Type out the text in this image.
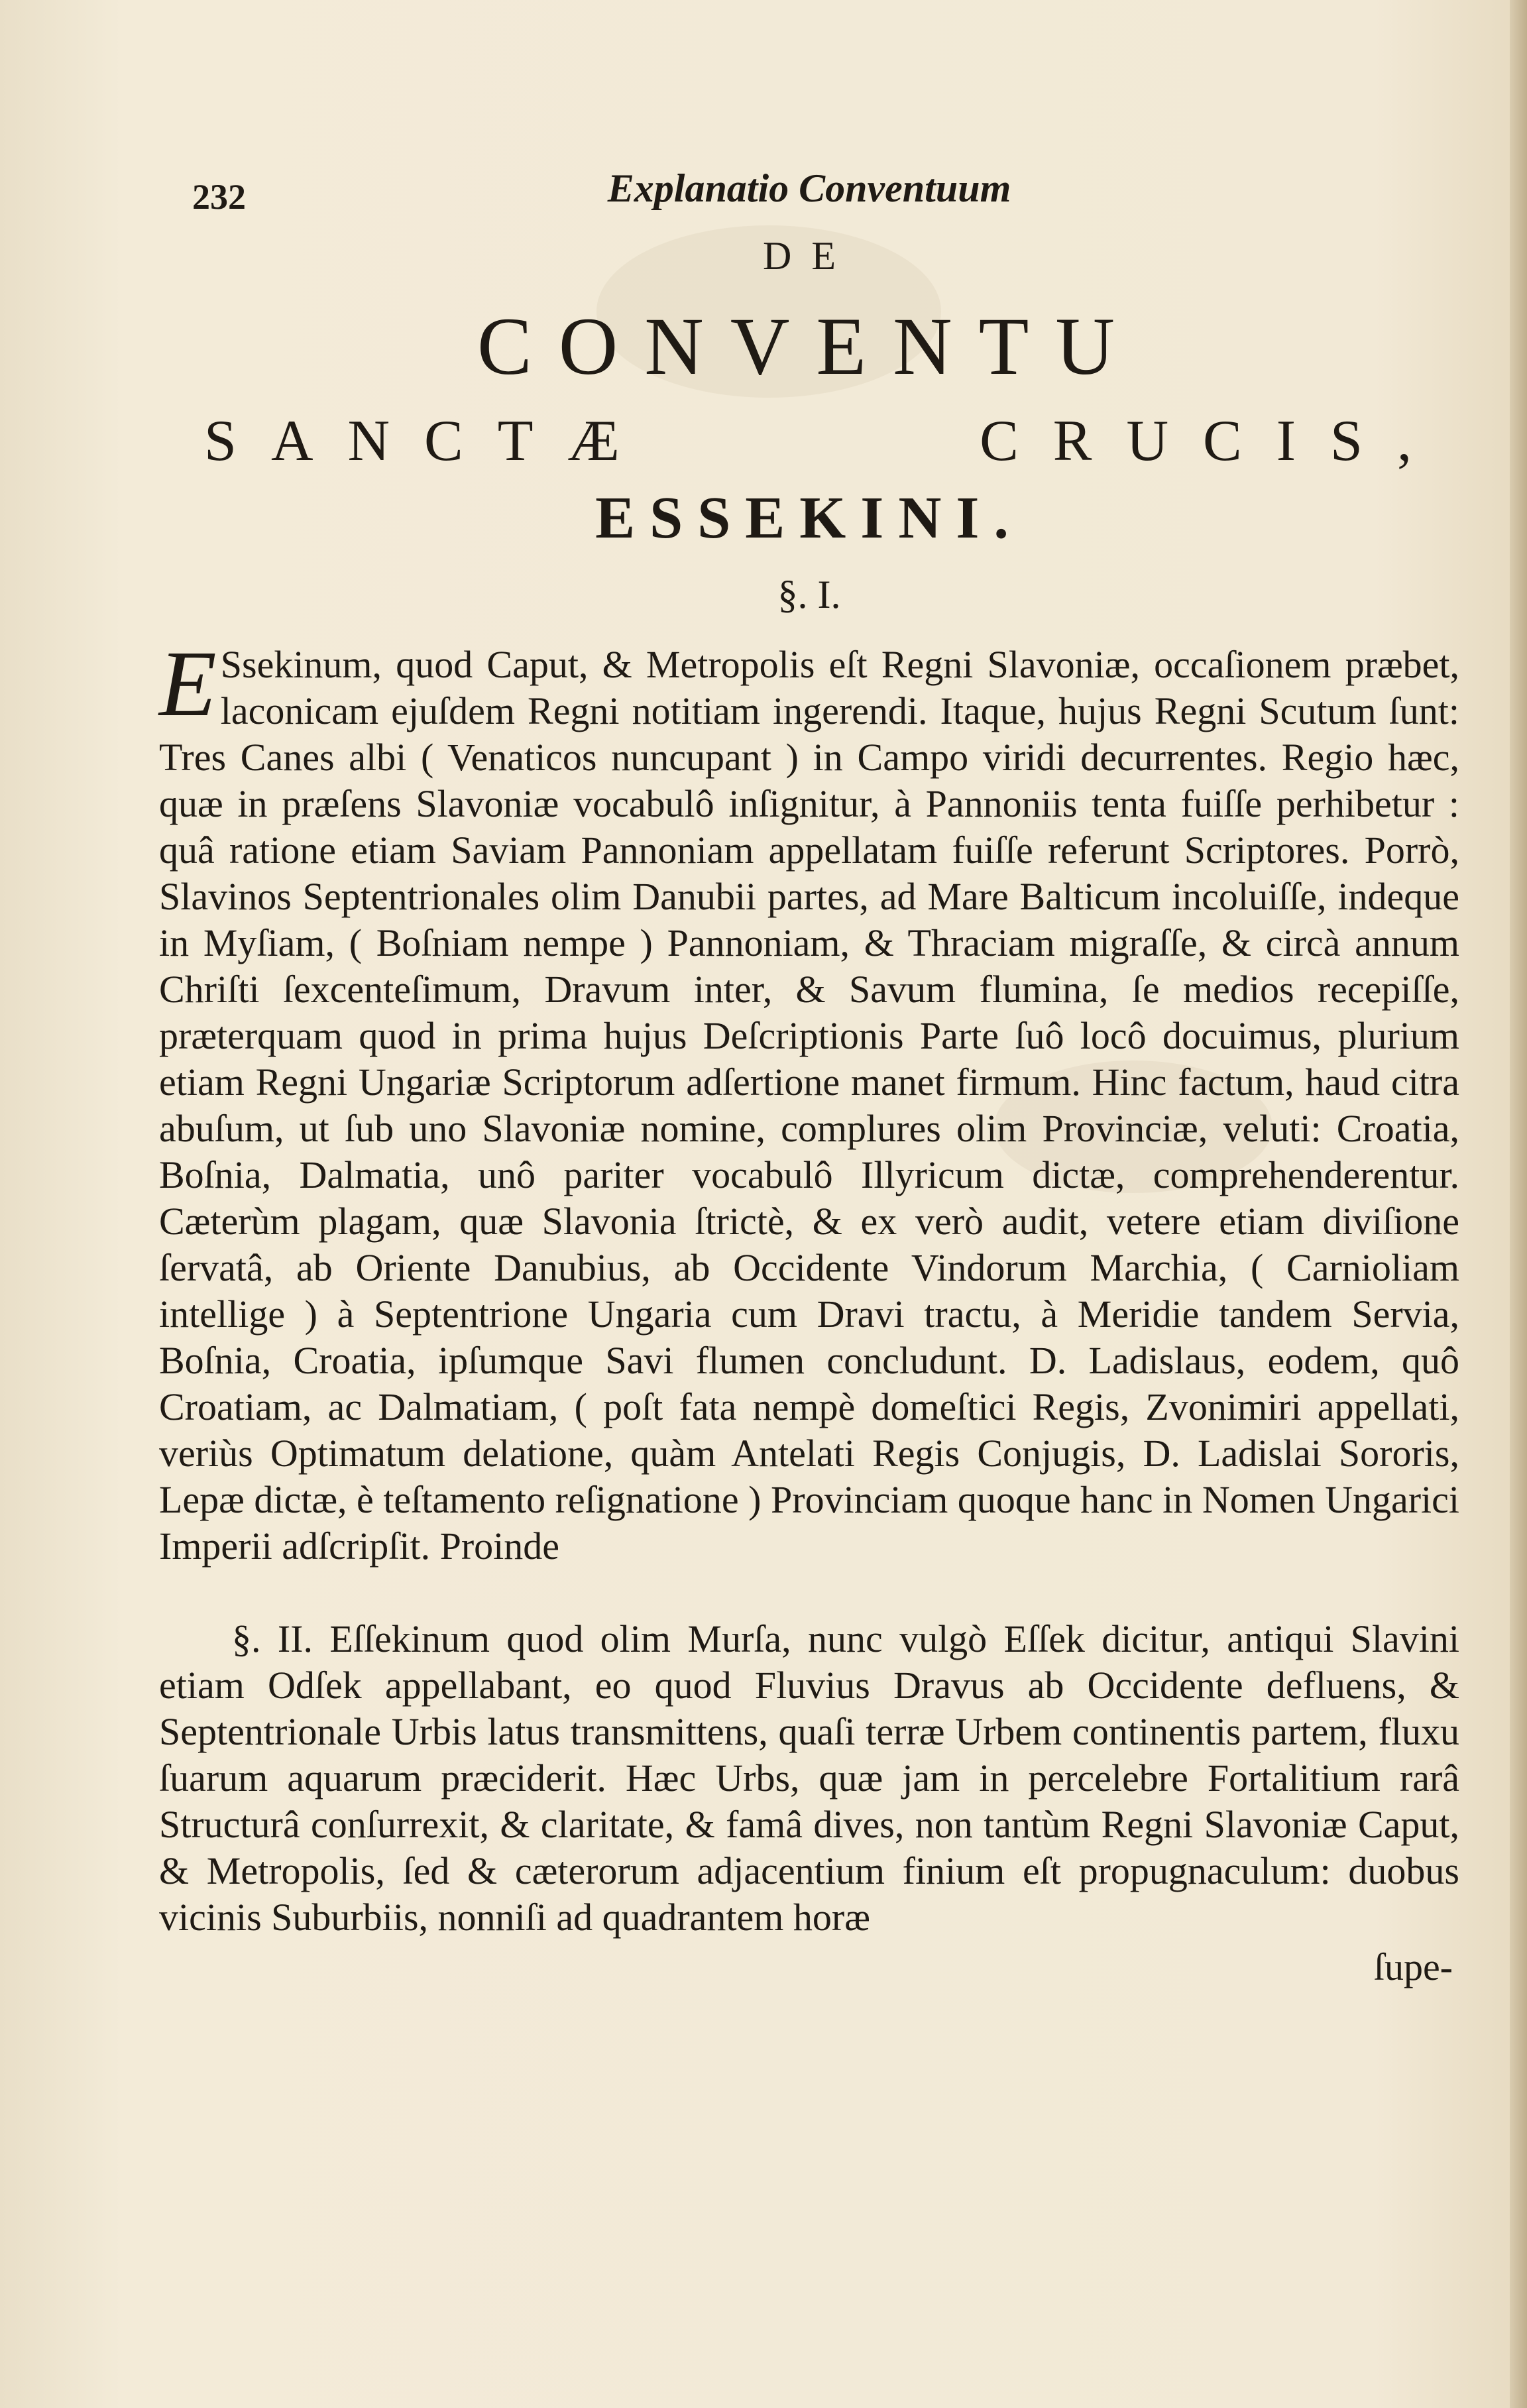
232	Explanatio Conventuum
DE
CONVENTU
SANCTÆ	CRUCIS,
ESSEKINI.
§. I.

E Ssekinum, quod Caput, & Metropolis eſt Regni Slavoniæ, occaſionem præbet, laconicam ejuſdem Regni notitiam ingerendi. Itaque, hujus Regni Scutum ſunt: Tres Canes albi ( Venaticos nuncupant ) in Campo viridi decurrentes. Regio hæc, quæ in præſens Slavoniæ vocabulô inſignitur, à Pannoniis tenta fuiſſe perhibetur : quâ ratione etiam Saviam Pannoniam appellatam fuiſſe referunt Scriptores. Porrò, Slavinos Septentrionales olim Danubii partes, ad Mare Balticum incoluiſſe, indeque in Myſiam, ( Boſniam nempe ) Pannoniam, & Thraciam migraſſe, & circà annum Chriſti ſexcenteſimum, Dravum inter, & Savum flumina, ſe medios recepiſſe, præterquam quod in prima hujus Deſcriptionis Parte ſuô locô docuimus, plurium etiam Regni Ungariæ Scriptorum adſertione manet firmum. Hinc factum, haud citra abuſum, ut ſub uno Slavoniæ nomine, complures olim Provinciæ, veluti: Croatia, Boſnia, Dalmatia, unô pariter vocabulô Illyricum dictæ, comprehenderentur. Cæterùm plagam, quæ Slavonia ſtrictè, & ex verò audit, vetere etiam diviſione ſervatâ, ab Oriente Danubius, ab Occidente Vindorum Marchia, ( Carnioliam intellige ) à Septentrione Ungaria cum Dravi tractu, à Meridie tandem Servia, Boſnia, Croatia, ipſumque Savi flumen concludunt. D. Ladislaus, eodem, quô Croatiam, ac Dalmatiam, ( poſt fata nempè domeſtici Regis, Zvonimiri appellati, veriùs Optimatum delatione, quàm Antelati Regis Conjugis, D. Ladislai Sororis, Lepæ dictæ, è teſtamento reſignatione ) Provinciam quoque hanc in Nomen Ungarici Imperii adſcripſit. Proinde

§. II. Eſſekinum quod olim Murſa, nunc vulgò Eſſek dicitur, antiqui Slavini etiam Odſek appellabant, eo quod Fluvius Dravus ab Occidente defluens, & Septentrionale Urbis latus transmittens, quaſi terræ Urbem continentis partem, fluxu ſuarum aquarum præciderit. Hæc Urbs, quæ jam in percelebre Fortalitium rarâ Structurâ conſurrexit, & claritate, & famâ dives, non tantùm Regni Slavoniæ Caput, & Metropolis, ſed & cæterorum adjacentium finium eſt propugnaculum: duobus vicinis Suburbiis, nonniſi ad quadrantem horæ

ſupe-
